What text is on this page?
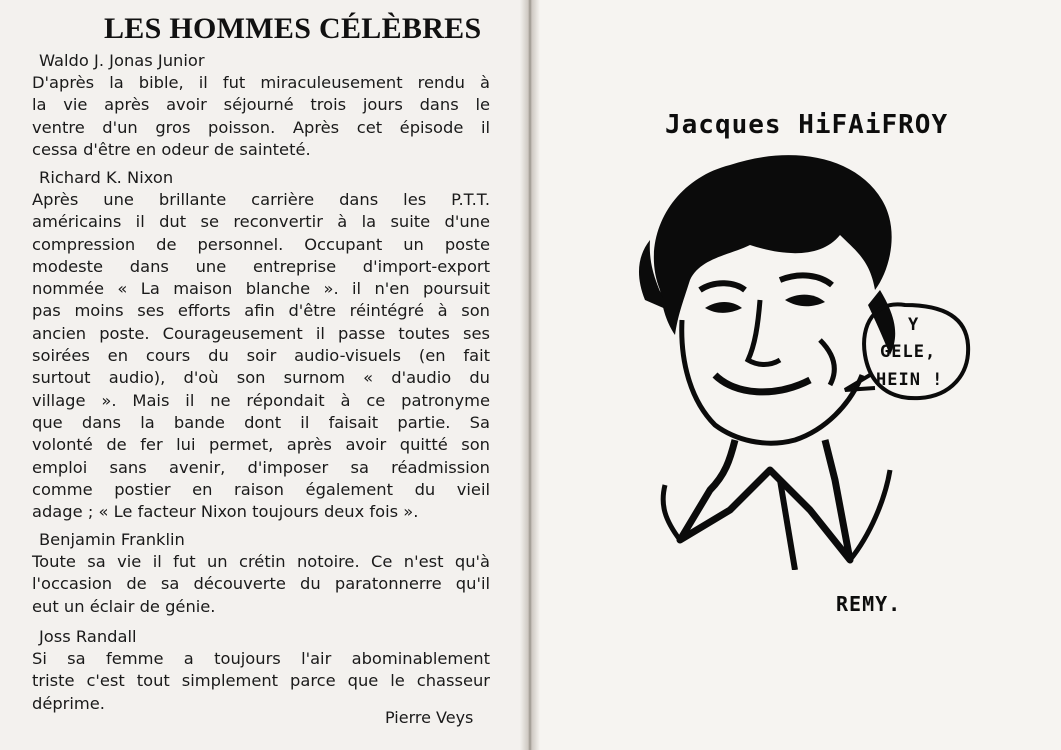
LES HOMMES CÉLÈBRES
Waldo J. Jonas Junior
D'après la bible, il fut miraculeusement rendu à
la vie après avoir séjourné trois jours dans le
ventre d'un gros poisson. Après cet épisode il
cessa d'être en odeur de sainteté.
Richard K. Nixon
Après une brillante carrière dans les P.T.T.
américains il dut se reconvertir à la suite d'une
compression de personnel. Occupant un poste
modeste dans une entreprise d'import-export
nommée « La maison blanche ». il n'en poursuit
pas moins ses efforts afin d'être réintégré à son
ancien poste. Courageusement il passe toutes ses
soirées en cours du soir audio-visuels (en fait
surtout audio), d'où son surnom « d'audio du
village ». Mais il ne répondait à ce patronyme
que dans la bande dont il faisait partie. Sa
volonté de fer lui permet, après avoir quitté son
emploi sans avenir, d'imposer sa réadmission
comme postier en raison également du vieil
adage ; « Le facteur Nixon toujours deux fois ».
Benjamin Franklin
Toute sa vie il fut un crétin notoire. Ce n'est qu'à
l'occasion de sa découverte du paratonnerre qu'il
eut un éclair de génie.
Joss Randall
Si sa femme a toujours l'air abominablement
triste c'est tout simplement parce que le chasseur
déprime.
Pierre Veys
Jacques HiFAiFROY
Y
GELE,
HEIN !
REMY.
